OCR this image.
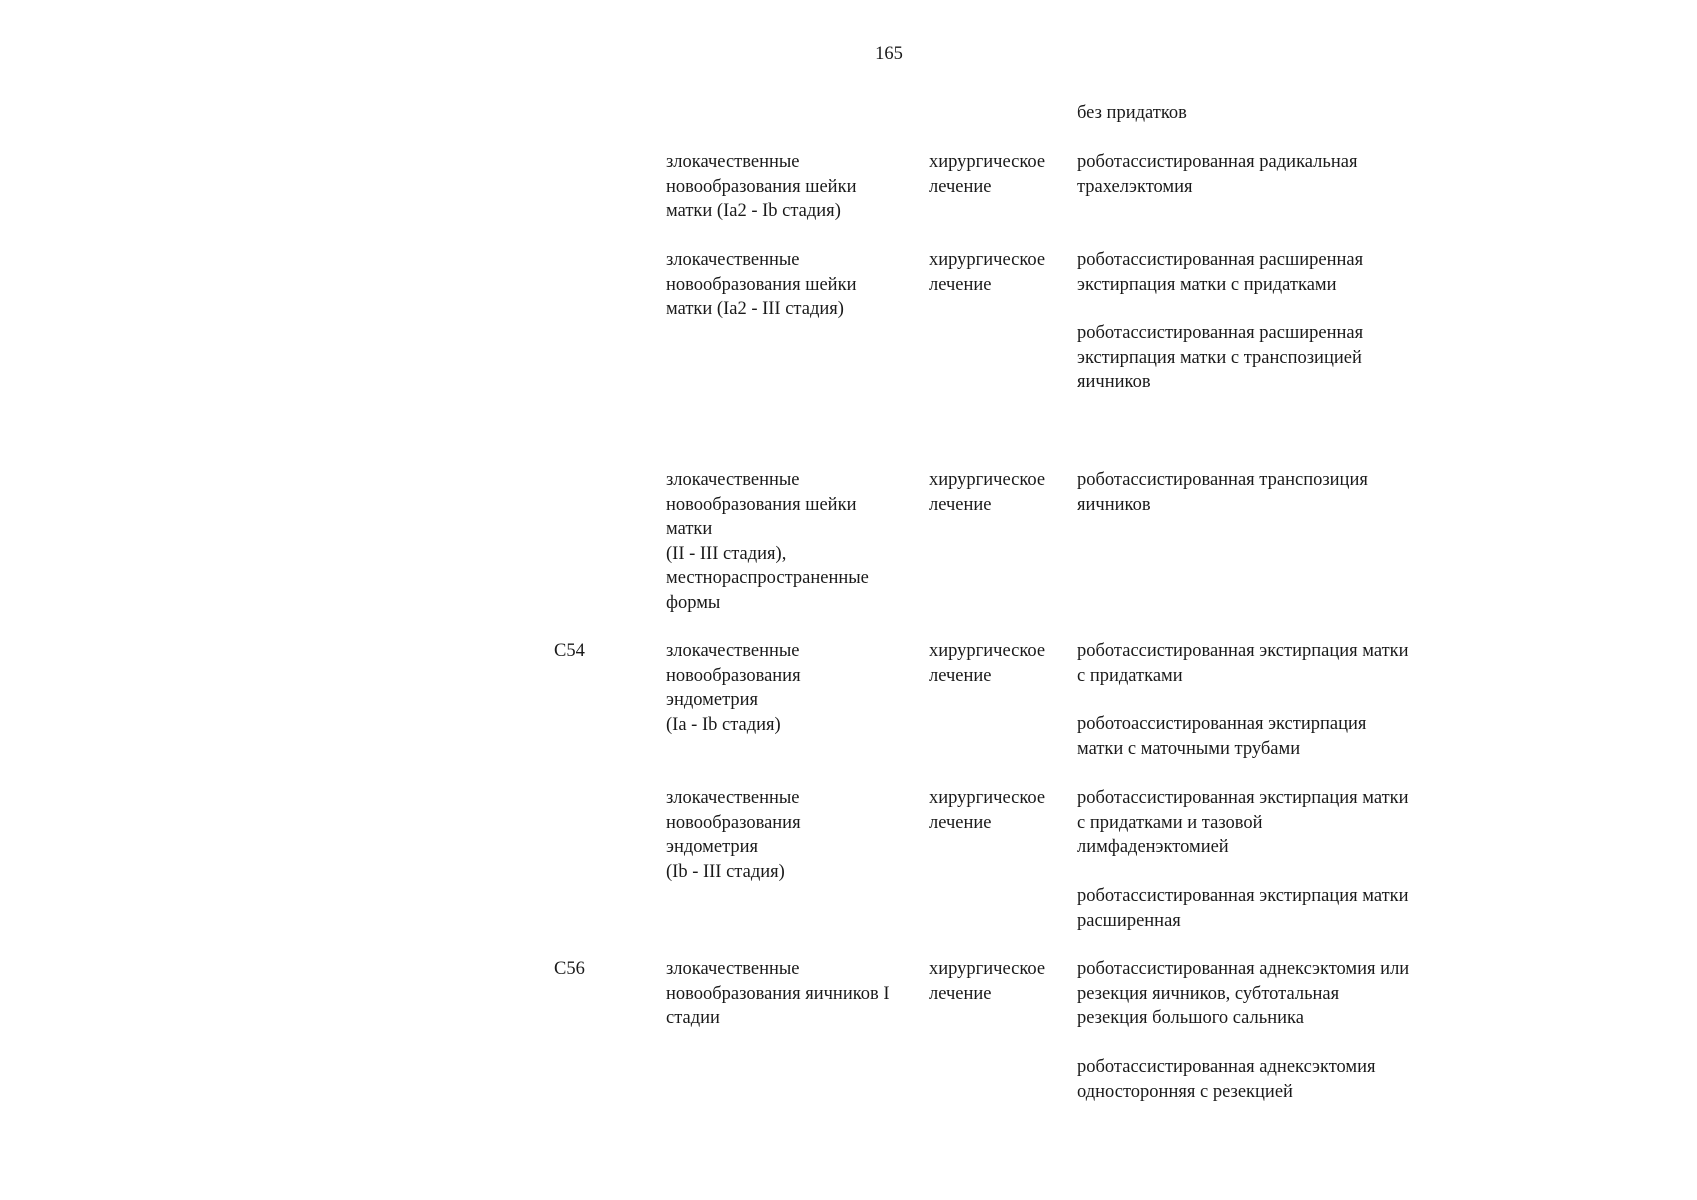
165
без придатков
злокачественные
новообразования шейки
матки (Ia2 - Ib стадия)
хирургическое
лечение
роботассистированная радикальная
трахелэктомия
злокачественные
новообразования шейки
матки (Ia2 - III стадия)
хирургическое
лечение
роботассистированная расширенная
экстирпация матки с придатками
роботассистированная расширенная
экстирпация матки с транспозицией
яичников
злокачественные
новообразования шейки
матки
(II - III стадия),
местнораспространенные
формы
хирургическое
лечение
роботассистированная транспозиция
яичников
C54	злокачественные
новообразования
эндометрия
(Ia - Ib стадия)
хирургическое
лечение
роботассистированная экстирпация матки
с придатками
роботоассистированная экстирпация
матки с маточными трубами
злокачественные
новообразования
эндометрия
(Ib - III стадия)
хирургическое
лечение
роботассистированная экстирпация матки
с придатками и тазовой
лимфаденэктомией
роботассистированная экстирпация матки
расширенная
C56	злокачественные
новообразования яичников I
стадии
хирургическое
лечение
роботассистированная аднексэктомия или
резекция яичников, субтотальная
резекция большого сальника
роботассистированная аднексэктомия
односторонняя с резекцией
